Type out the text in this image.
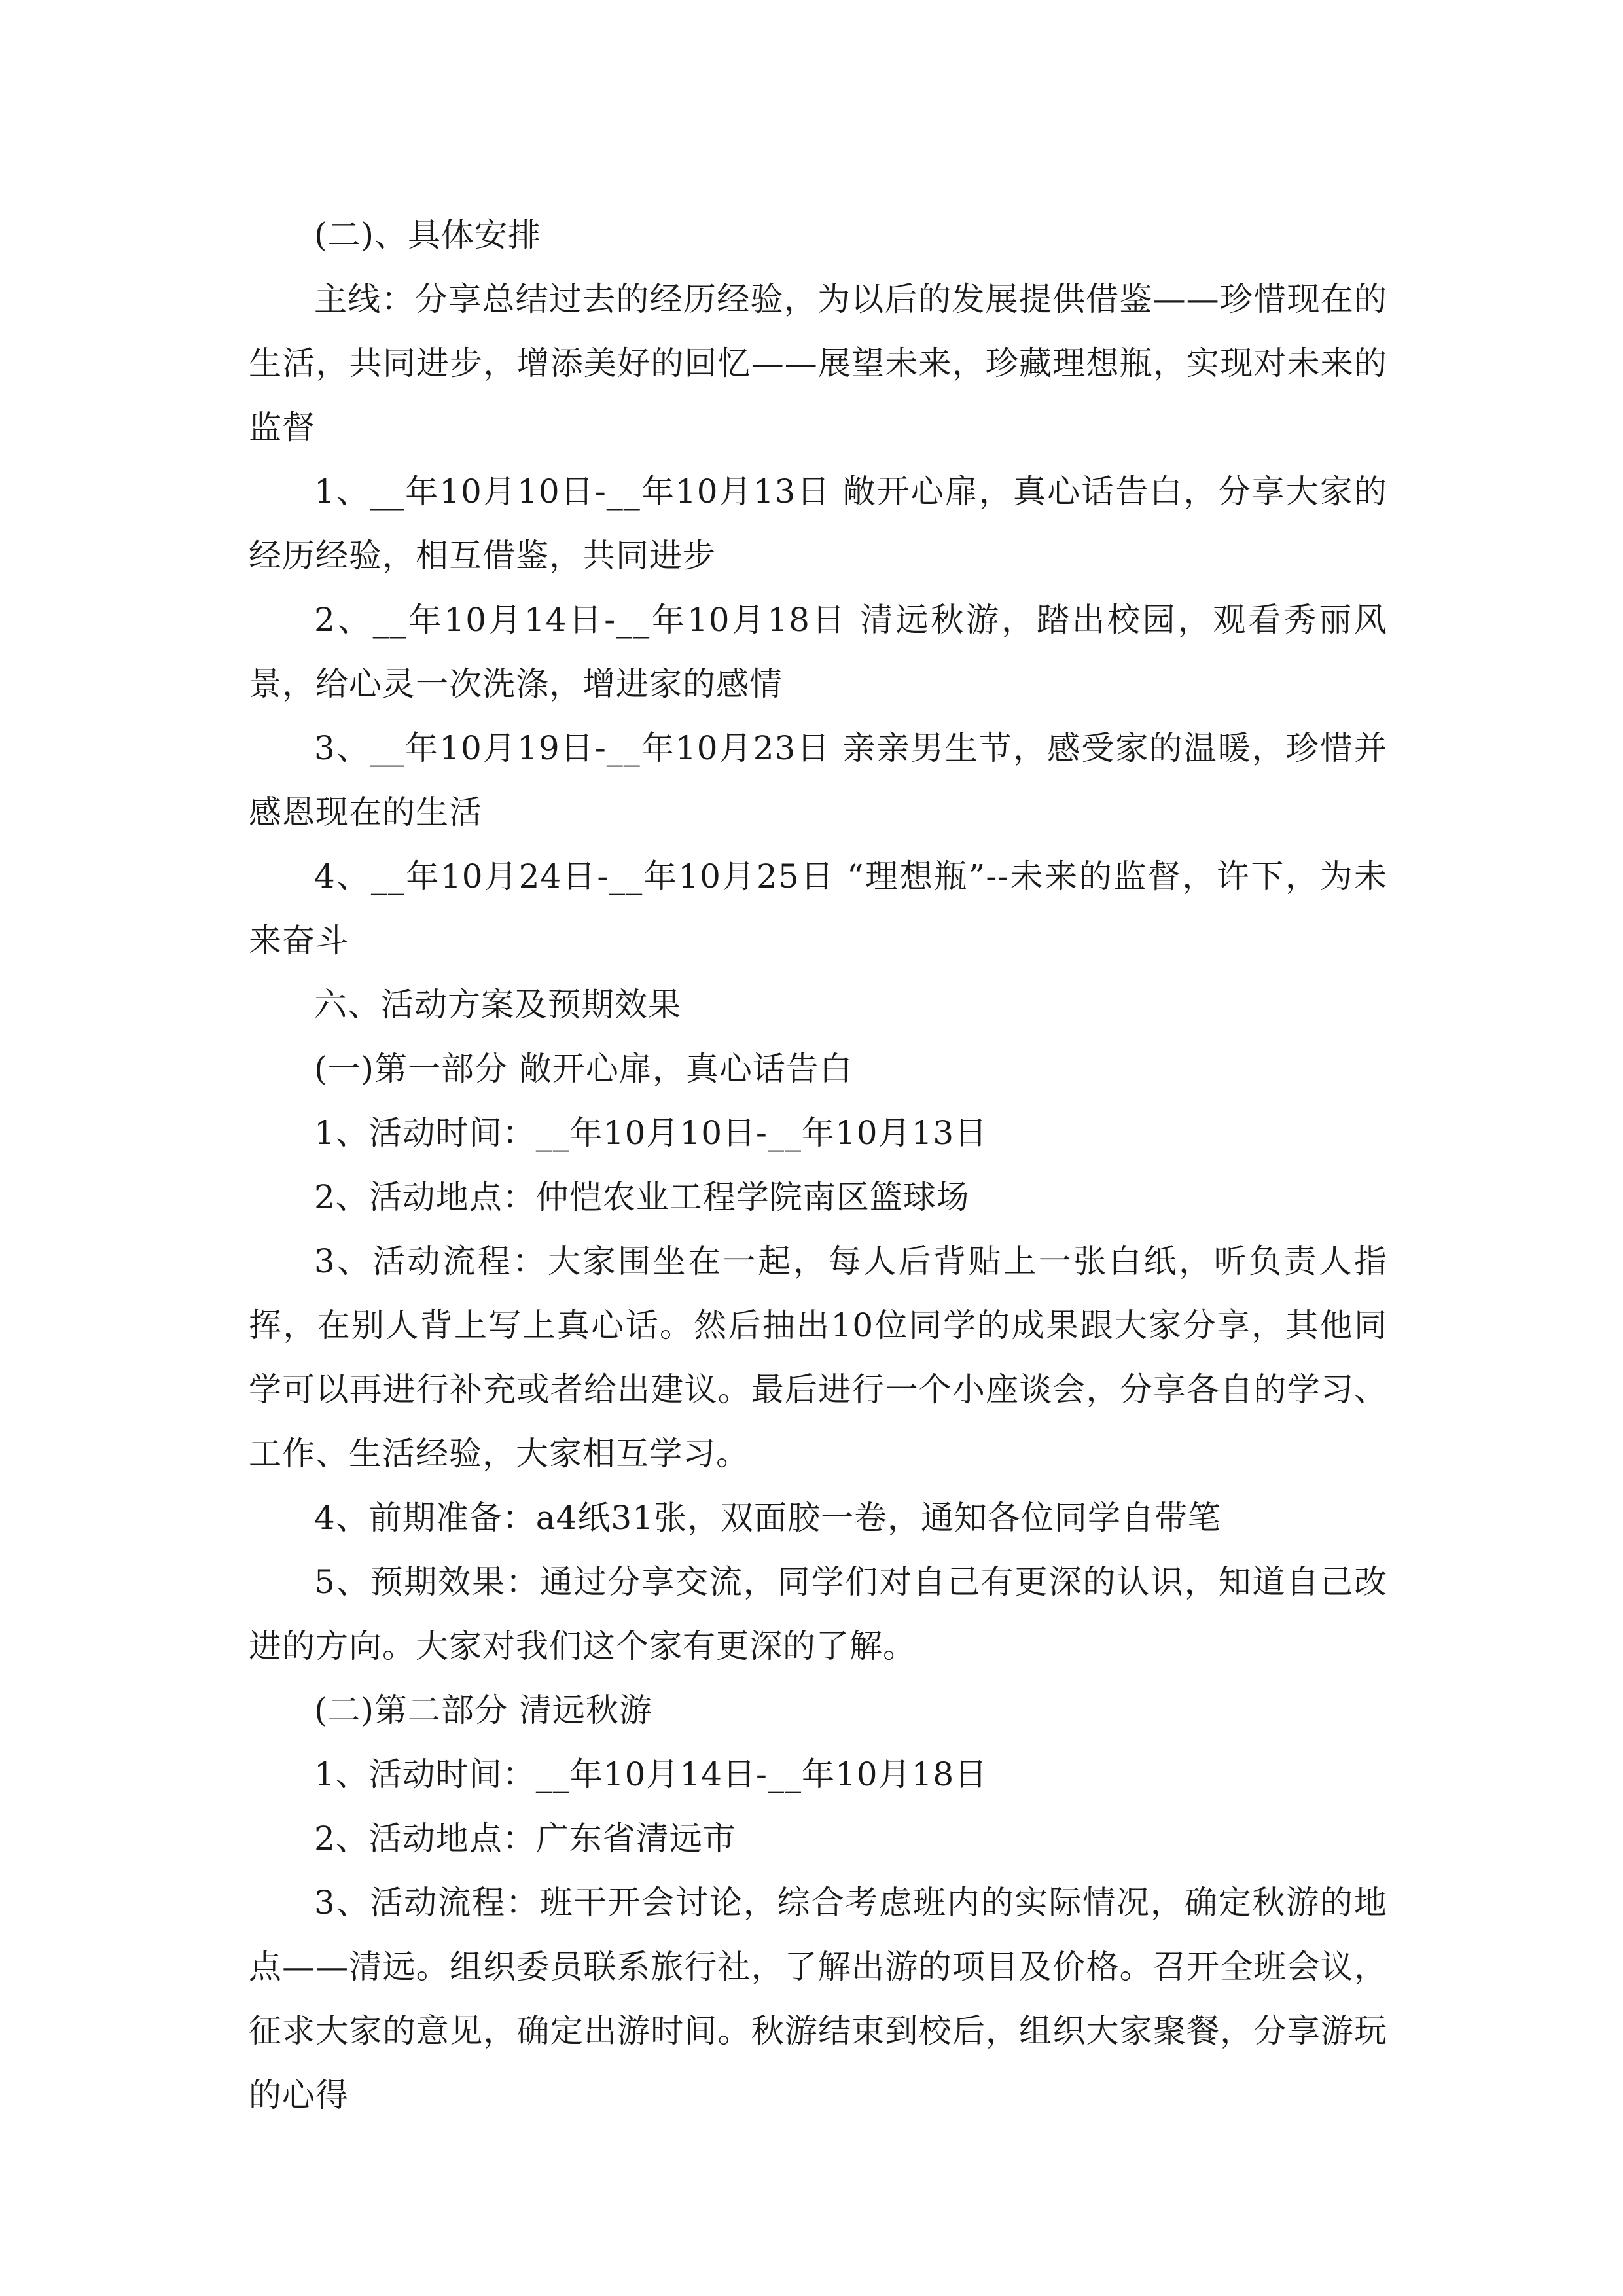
(二)、具体安排

主线：分享总结过去的经历经验，为以后的发展提供借鉴——珍惜现在的生活，共同进步，增添美好的回忆——展望未来，珍藏理想瓶，实现对未来的监督

1、__年10月10日-__年10月13日 敞开心扉，真心话告白，分享大家的经历经验，相互借鉴，共同进步

2、__年10月14日-__年10月18日 清远秋游，踏出校园，观看秀丽风景，给心灵一次洗涤，增进家的感情

3、__年10月19日-__年10月23日 亲亲男生节，感受家的温暖，珍惜并感恩现在的生活

4、__年10月24日-__年10月25日 “理想瓶”--未来的监督，许下，为未来奋斗

六、活动方案及预期效果

(一)第一部分 敞开心扉，真心话告白

1、活动时间：__年10月10日-__年10月13日

2、活动地点：仲恺农业工程学院南区篮球场

3、活动流程：大家围坐在一起，每人后背贴上一张白纸，听负责人指挥，在别人背上写上真心话。然后抽出10位同学的成果跟大家分享，其他同学可以再进行补充或者给出建议。最后进行一个小座谈会，分享各自的学习、工作、生活经验，大家相互学习。

4、前期准备：a4纸31张，双面胶一卷，通知各位同学自带笔

5、预期效果：通过分享交流，同学们对自己有更深的认识，知道自己改进的方向。大家对我们这个家有更深的了解。

(二)第二部分 清远秋游

1、活动时间：__年10月14日-__年10月18日

2、活动地点：广东省清远市

3、活动流程：班干开会讨论，综合考虑班内的实际情况，确定秋游的地点——清远。组织委员联系旅行社，了解出游的项目及价格。召开全班会议，征求大家的意见，确定出游时间。秋游结束到校后，组织大家聚餐，分享游玩的心得
